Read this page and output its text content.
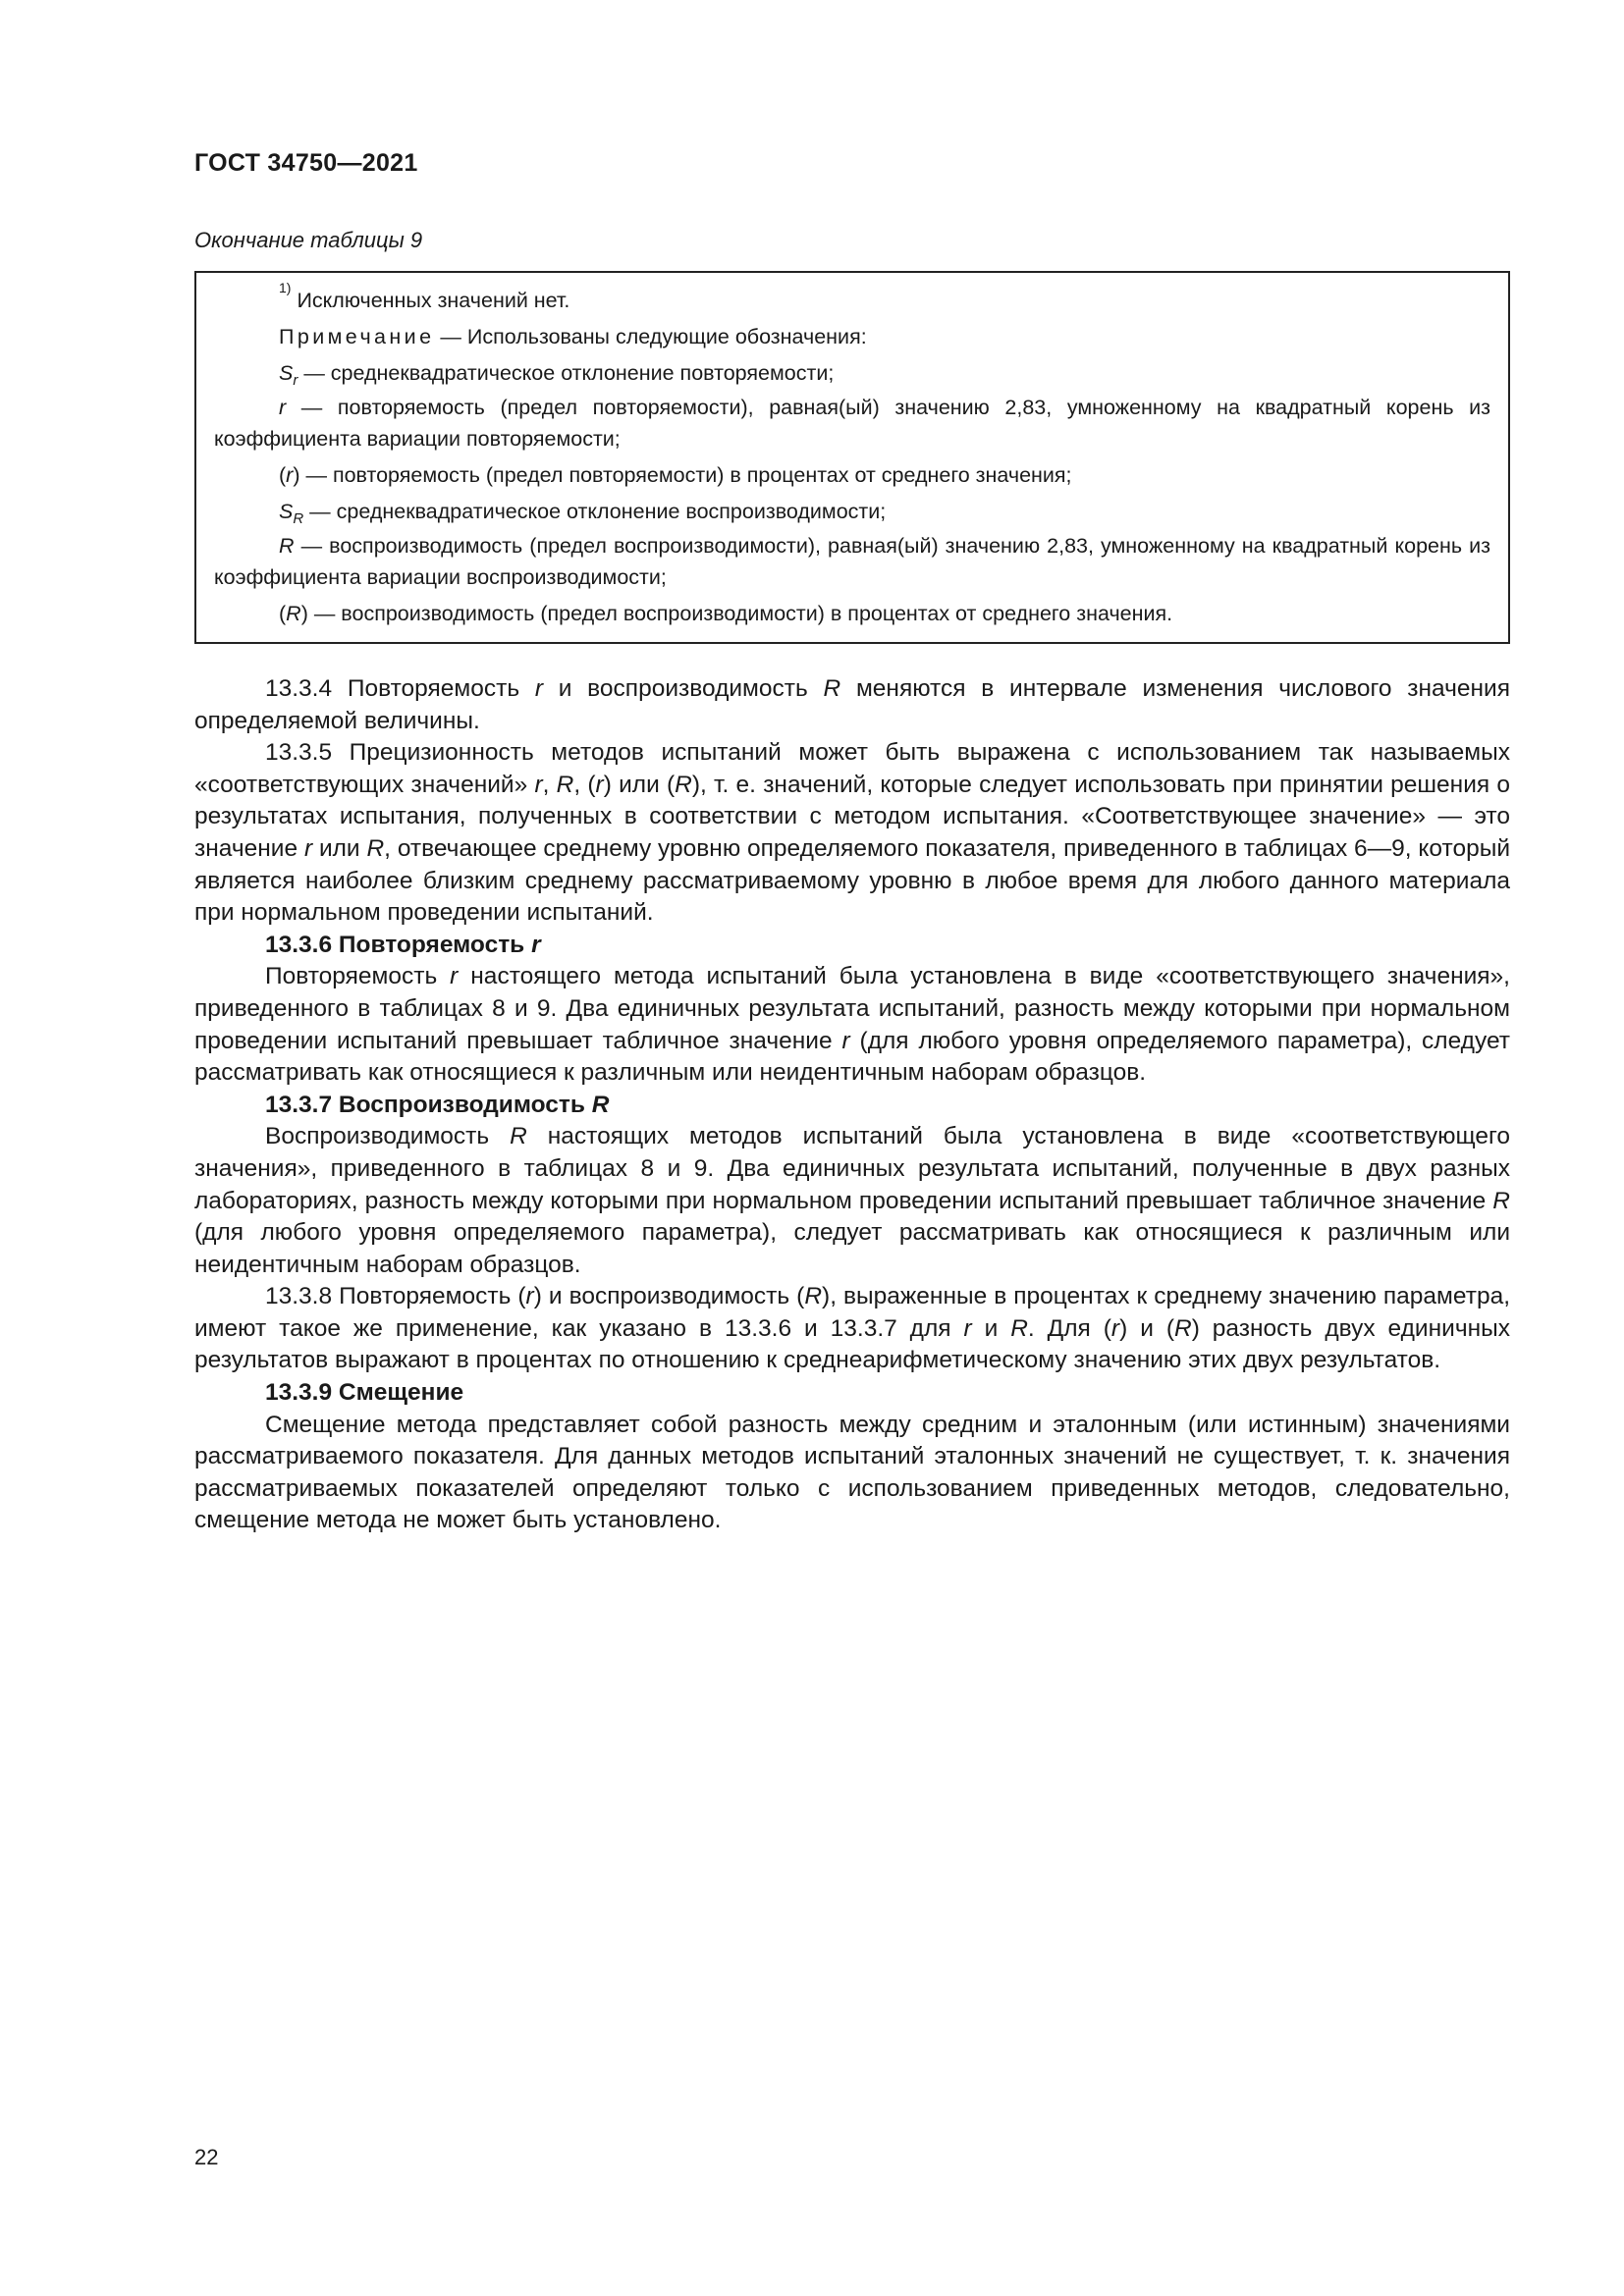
ГОСТ 34750—2021
Окончание таблицы 9

$^{1)}$ Исключенных значений нет.

Примечание — Использованы следующие обозначения:

$S_r$ — среднеквадратическое отклонение повторяемости;

r — повторяемость (предел повторяемости), равная(ый) значению 2,83, умноженному на квадратный корень из коэффициента вариации повторяемости;

(r) — повторяемость (предел повторяемости) в процентах от среднего значения;

$S_R$ — среднеквадратическое отклонение воспроизводимости;

R — воспроизводимость (предел воспроизводимости), равная(ый) значению 2,83, умноженному на квадратный корень из коэффициента вариации воспроизводимости;

(R) — воспроизводимость (предел воспроизводимости) в процентах от среднего значения.

13.3.4 Повторяемость r и воспроизводимость R меняются в интервале изменения числового значения определяемой величины.

13.3.5 Прецизионность методов испытаний может быть выражена с использованием так называемых «соответствующих значений» r, R, (r) или (R), т. е. значений, которые следует использовать при принятии решения о результатах испытания, полученных в соответствии с методом испытания. «Соответствующее значение» — это значение r или R, отвечающее среднему уровню определяемого показателя, приведенного в таблицах 6—9, который является наиболее близким среднему рассматриваемому уровню в любое время для любого данного материала при нормальном проведении испытаний.

13.3.6 Повторяемость r

Повторяемость r настоящего метода испытаний была установлена в виде «соответствующего значения», приведенного в таблицах 8 и 9. Два единичных результата испытаний, разность между которыми при нормальном проведении испытаний превышает табличное значение r (для любого уровня определяемого параметра), следует рассматривать как относящиеся к различным или неидентичным наборам образцов.

13.3.7 Воспроизводимость R

Воспроизводимость R настоящих методов испытаний была установлена в виде «соответствующего значения», приведенного в таблицах 8 и 9. Два единичных результата испытаний, полученные в двух разных лабораториях, разность между которыми при нормальном проведении испытаний превышает табличное значение R (для любого уровня определяемого параметра), следует рассматривать как относящиеся к различным или неидентичным наборам образцов.

13.3.8 Повторяемость (r) и воспроизводимость (R), выраженные в процентах к среднему значению параметра, имеют такое же применение, как указано в 13.3.6 и 13.3.7 для r и R. Для (r) и (R) разность двух единичных результатов выражают в процентах по отношению к среднеарифметическому значению этих двух результатов.

13.3.9 Смещение

Смещение метода представляет собой разность между средним и эталонным (или истинным) значениями рассматриваемого показателя. Для данных методов испытаний эталонных значений не существует, т. к. значения рассматриваемых показателей определяют только с использованием приведенных методов, следовательно, смещение метода не может быть установлено.

22
